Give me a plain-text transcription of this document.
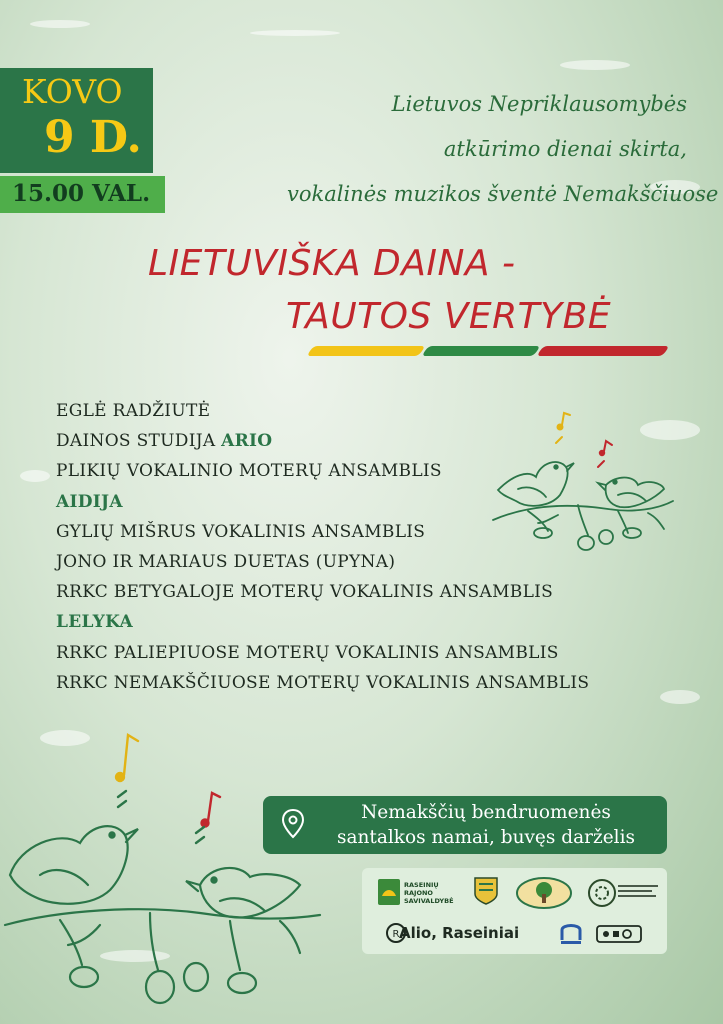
KOVO
9 D.
15.00 VAL.
Lietuvos Nepriklausomybės
atkūrimo dienai skirta,
vokalinės muzikos šventė Nemakščiuose
LIETUVIŠKA DAINA -
TAUTOS VERTYBĖ
EGLĖ RADŽIUTĖ
DAINOS STUDIJA ARIO
PLIKIŲ VOKALINIO MOTERŲ ANSAMBLIS
AIDIJA
GYLIŲ MIŠRUS VOKALINIS ANSAMBLIS
JONO IR MARIAUS DUETAS (UPYNA)
RRKC BETYGALOJE MOTERŲ VOKALINIS ANSAMBLIS
LELYKA
RRKC PALIEPIUOSE MOTERŲ VOKALINIS ANSAMBLIS
RRKC NEMAKŠČIUOSE MOTERŲ VOKALINIS ANSAMBLIS
Nemakščių bendruomenės
santalkos namai, buvęs darželis
RASEINIŲ
RAJONO
SAVIVALDYBĖ
R Alio, Raseiniai
